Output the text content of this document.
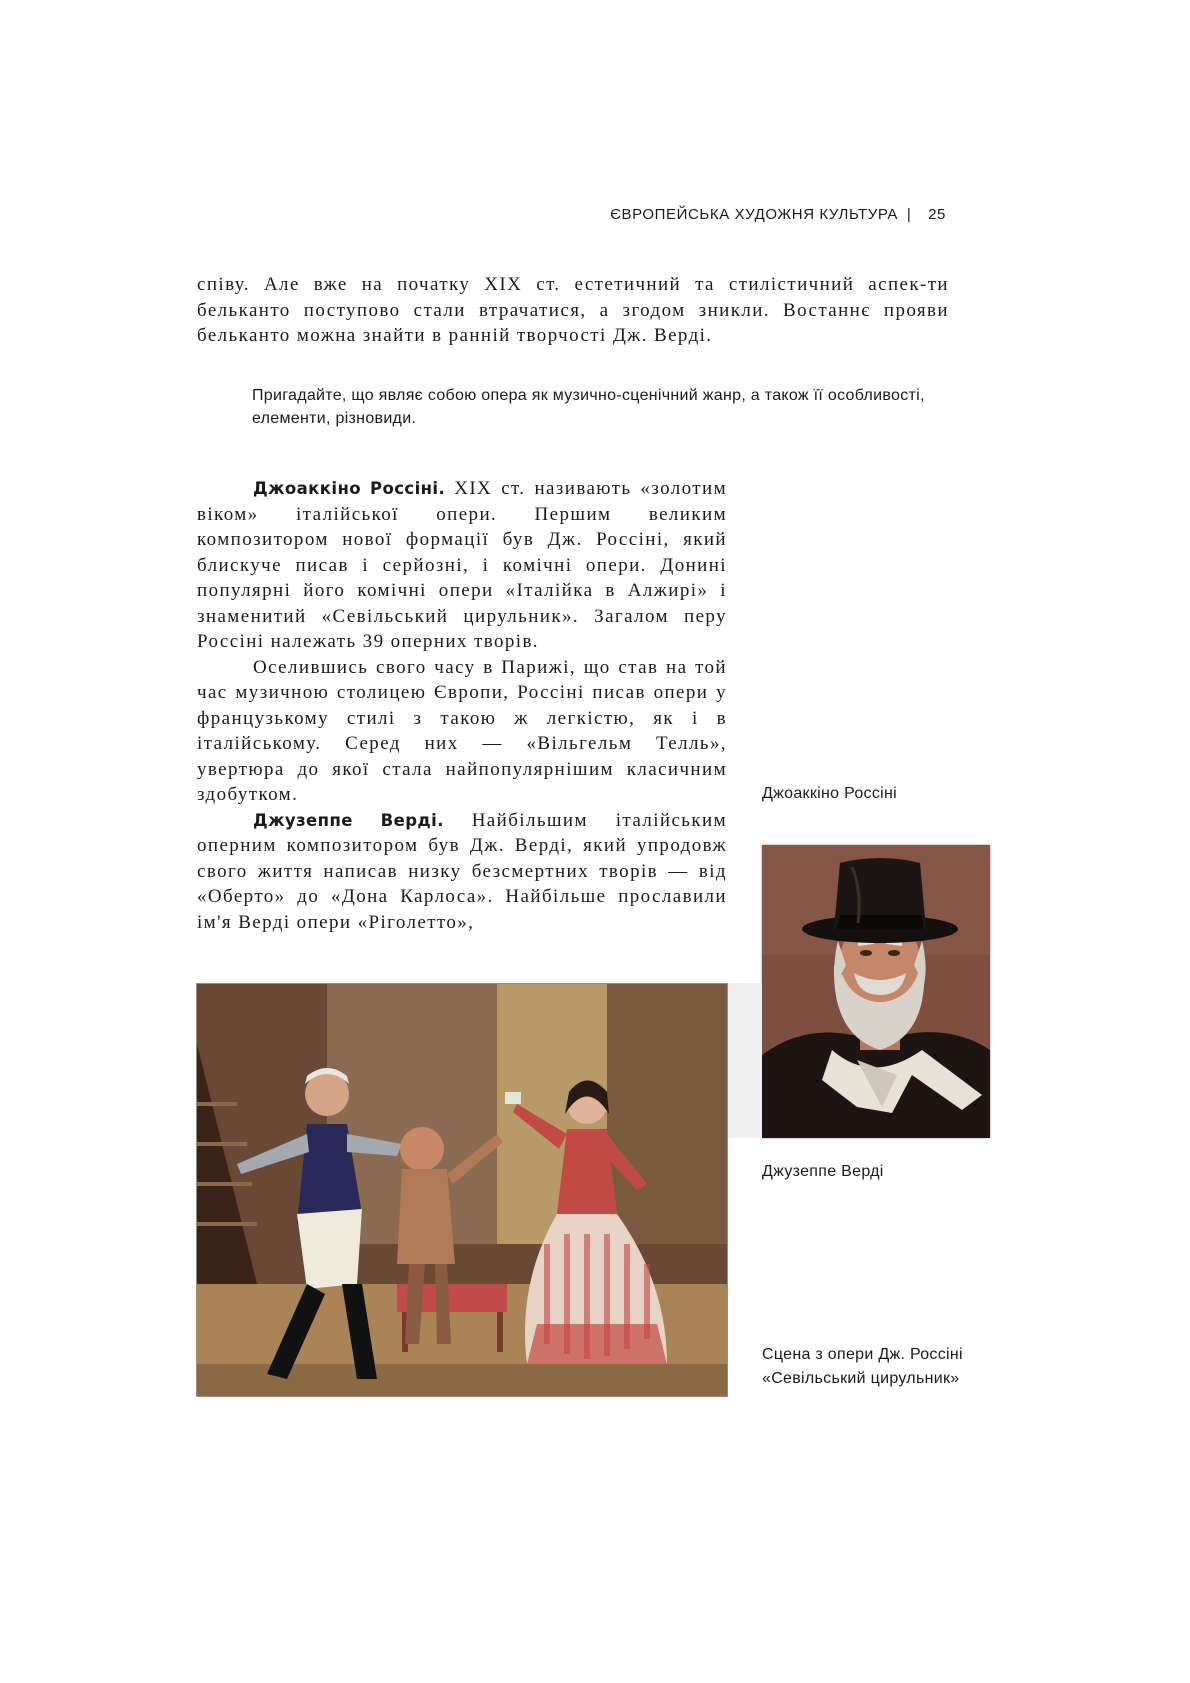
ЄВРОПЕЙСЬКА ХУДОЖНЯ КУЛЬТУРА | 25
співу. Але вже на початку XIX ст. естетичний та стилістичний аспек-ти бельканто поступово стали втрачатися, а згодом зникли. Востаннє прояви бельканто можна знайти в ранній творчості Дж. Верді.
Пригадайте, що являє собою опера як музично-сценічний жанр, а також її особливості, елементи, різновиди.

Джоаккіно Россіні. XIX ст. називають «золотим віком» італійської опери. Першим великим композитором нової формації був Дж. Россіні, який блискуче писав і серйозні, і комічні опери. Донині популярні його комічні опери «Італійка в Алжирі» і знаменитий «Севільський цирульник». Загалом перу Россіні належать 39 оперних творів.

Оселившись свого часу в Парижі, що став на той час музичною столицею Європи, Россіні писав опери у французькому стилі з такою ж легкістю, як і в італійському. Серед них — «Вільгельм Телль», увертюра до якої стала найпопулярнішим класичним здобутком.

Джузеппе Верді. Найбільшим італійським оперним композитором був Дж. Верді, який упродовж свого життя написав низку безсмертних творів — від «Оберто» до «Дона Карлоса». Найбільше прославили ім'я Верді опери «Ріголетто»,

Джоаккіно Россіні
Джузеппе Верді
Сцена з опери Дж. Россіні
«Севільський цирульник»
